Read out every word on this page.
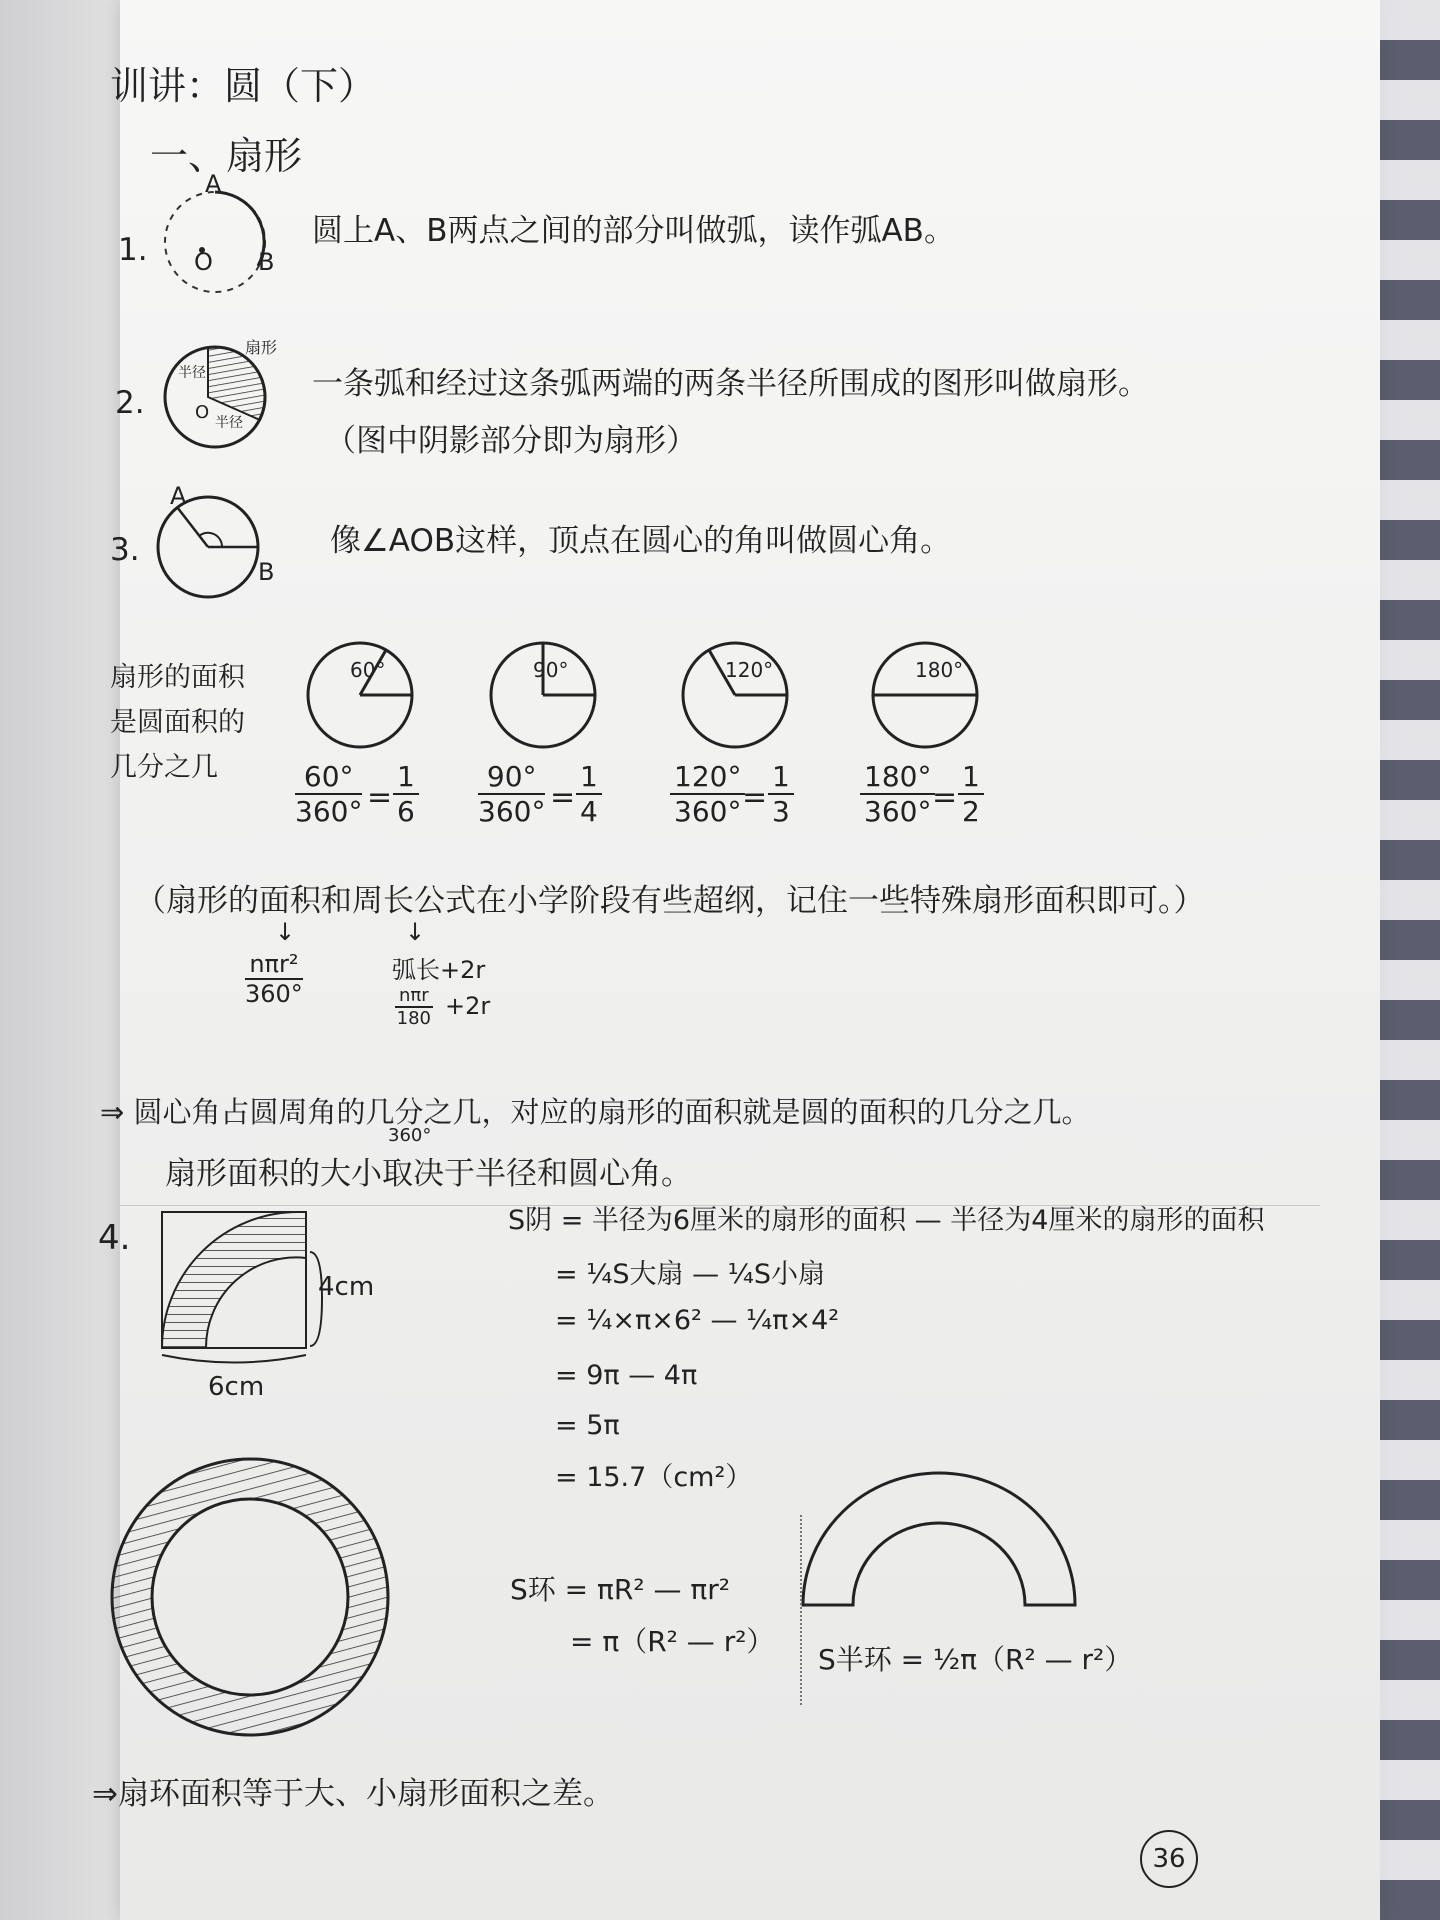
训讲：圆（下）
一、扇形
1.
A
O B
圆上A、B两点之间的部分叫做弧，读作弧AB。
2.
扇形
半径
O 半径
一条弧和经过这条弧两端的两条半径所围成的图形叫做扇形。
（图中阴影部分即为扇形）
3.
A
B
像∠AOB这样，顶点在圆心的角叫做圆心角。
扇形的面积
是圆面积的
几分之几
60°
$\frac{60^\circ}{360^\circ} = \frac{1}{6}$
90°
$\frac{90^\circ}{360^\circ} = \frac{1}{4}$
120°
$\frac{120^\circ}{360^\circ}$
= $\frac{1}{3}$
180°
$\frac{180^\circ}{360^\circ}$
= $\frac{1}{2}$
（扇形的面积和周长公式在小学阶段有些超纲，记住一些特殊扇形面积即可。）
↓	↓
nπr²
360°
弧长+2r
nπr
180 +2r
⇒ 圆心角占圆周角的几分之几，对应的扇形的面积就是圆的面积的几分之几。
360°
扇形面积的大小取决于半径和圆心角。
4.
4cm
6cm
S阴 = 半径为6厘米的扇形的面积 — 半径为4厘米的扇形的面积
= ¹⁄₄S大扇 — ¹⁄₄S小扇
= ¹⁄₄×π×6² — ¹⁄₄π×4²
= 9π — 4π
= 5π
= 15.7（cm²）
S环 = πR² — πr²
= π（R² — r²）
S半环 = ½π（R² — r²）
⇒扇环面积等于大、小扇形面积之差。
36
